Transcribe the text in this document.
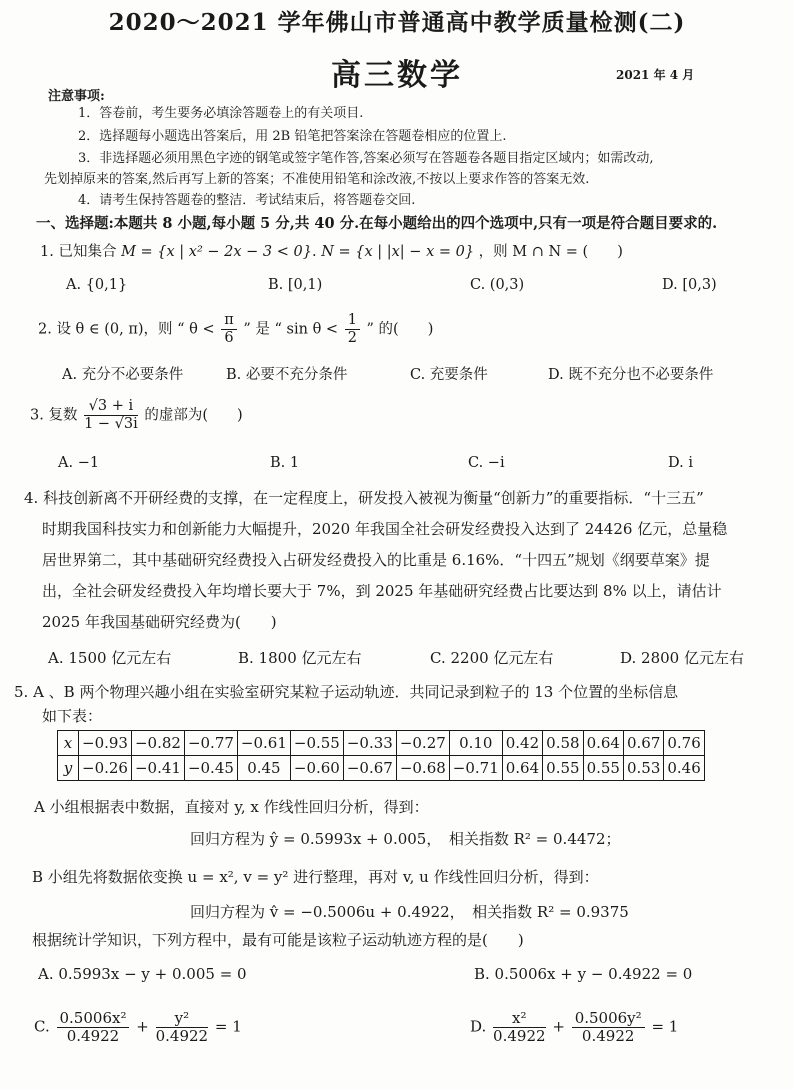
2020～2021 学年佛山市普通高中教学质量检测(二)
高三数学	2021 年 4 月
注意事项:
1．答卷前，考生要务必填涂答题卷上的有关项目.
2．选择题每小题选出答案后，用 2B 铅笔把答案涂在答题卷相应的位置上.
3．非选择题必须用黑色字迹的钢笔或签字笔作答,答案必须写在答题卷各题目指定区域内；如需改动,
先划掉原来的答案,然后再写上新的答案；不准使用铅笔和涂改液,不按以上要求作答的答案无效.
4．请考生保持答题卷的整洁．考试结束后，将答题卷交回.
一、选择题:本题共 8 小题,每小题 5 分,共 40 分.在每小题给出的四个选项中,只有一项是符合题目要求的.
1. 已知集合 M = {x | x² − 2x − 3 < 0}. N = {x | |x| − x = 0} ，则 M ∩ N = (　　)
A. {0,1}	B. [0,1)	C. (0,3)	D. [0,3)
2. 设 θ ∈ (0, π)，则 “ $\theta < \frac{\pi}{6}$ ” 是 “ $\sin \theta < \frac{1}{2}$ ” 的(　　)
A. 充分不必要条件	B. 必要不充分条件	C. 充要条件	D. 既不充分也不必要条件
3. 复数 $\frac{√3 + i}{1 - √3i}$ 的虚部为(　　)
A. −1	B. 1	C. −i	D. i
4. 科技创新离不开研经费的支撑，在一定程度上，研发投入被视为衡量“创新力”的重要指标．“十三五”
时期我国科技实力和创新能力大幅提升，2020 年我国全社会研发经费投入达到了 24426 亿元，总量稳
居世界第二，其中基础研究经费投入占研发经费投入的比重是 6.16%．“十四五”规划《纲要草案》提
出，全社会研发经费投入年均增长要大于 7%，到 2025 年基础研究经费占比要达到 8% 以上，请估计
2025 年我国基础研究经费为(　　)
A. 1500 亿元左右	B. 1800 亿元左右	C. 2200 亿元左右	D. 2800 亿元左右
5. A 、B 两个物理兴趣小组在实验室研究某粒子运动轨迹．共同记录到粒子的 13 个位置的坐标信息
如下表：
x	−0.93	−0.82	−0.77	−0.61	−0.55	−0.33	−0.27	0.10	0.42	0.58	0.64	0.67	0.76
y	−0.26	−0.41	−0.45	0.45	−0.60	−0.67	−0.68	−0.71	0.64	0.55	0.55	0.53	0.46
A 小组根据表中数据，直接对 y, x 作线性回归分析，得到：
回归方程为 ŷ = 0.5993x + 0.005，　相关指数 R² = 0.4472；
B 小组先将数据依变换 u = x², v = y² 进行整理，再对 v, u 作线性回归分析，得到：
回归方程为 v̂ = −0.5006u + 0.4922，　相关指数 R² = 0.9375
根据统计学知识，下列方程中，最有可能是该粒子运动轨迹方程的是(　　)
A. 0.5993x − y + 0.005 = 0	B. 0.5006x + y − 0.4922 = 0
C. $\frac{\text{0.5006x²}}{0.4922} + \frac{\text{y²}}{0.4922} = 1$	D. $\frac{\text{x²}}{0.4922} + \frac{\text{0.5006y²}}{0.4922} = 1$
